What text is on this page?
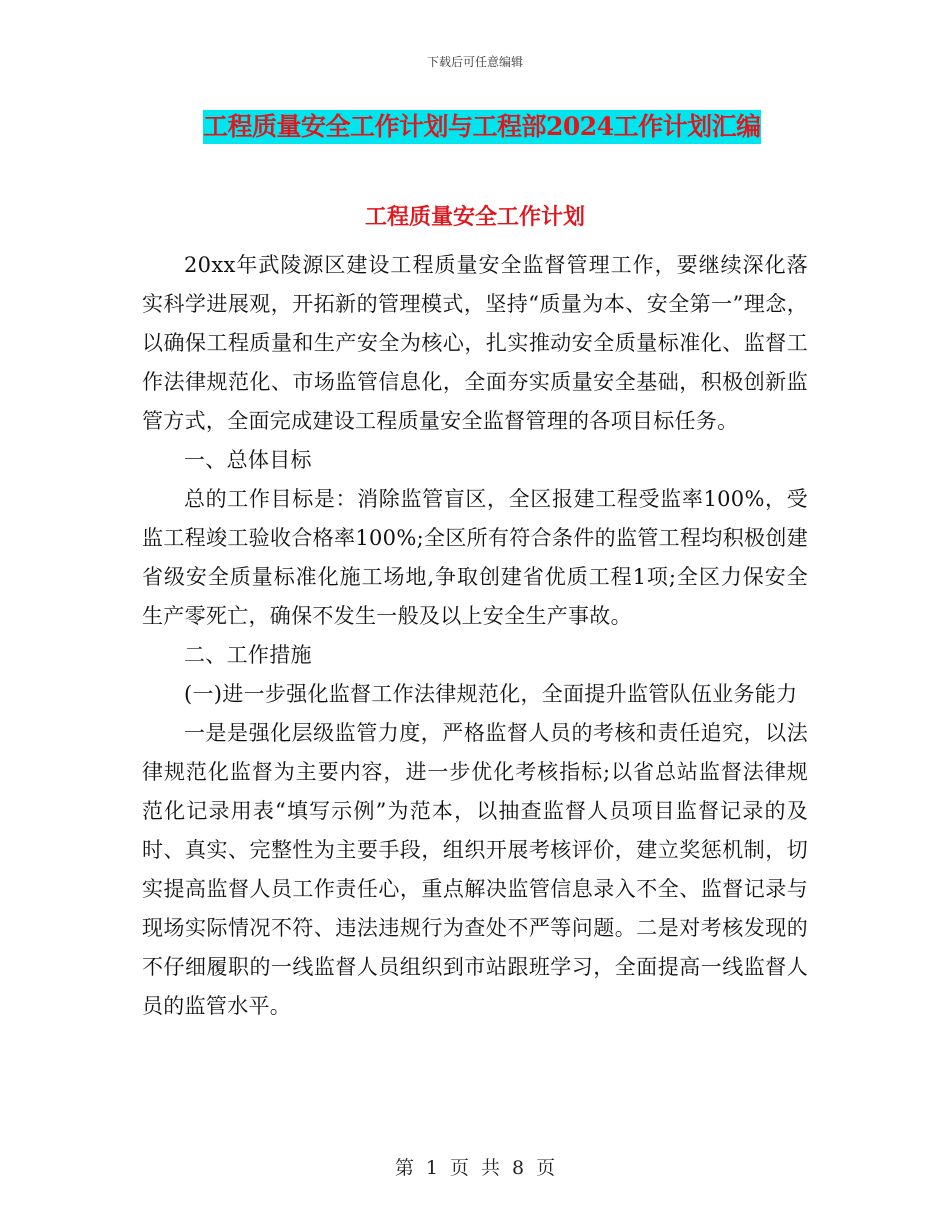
下载后可任意编辑
工程质量安全工作计划与工程部2024工作计划汇编
工程质量安全工作计划

20xx年武陵源区建设工程质量安全监督管理工作，要继续深化落实科学进展观，开拓新的管理模式，坚持“质量为本、安全第一”理念，以确保工程质量和生产安全为核心，扎实推动安全质量标准化、监督工作法律规范化、市场监管信息化，全面夯实质量安全基础，积极创新监管方式，全面完成建设工程质量安全监督管理的各项目标任务。

一、总体目标

总的工作目标是：消除监管盲区，全区报建工程受监率100%，受监工程竣工验收合格率100%;全区所有符合条件的监管工程均积极创建省级安全质量标准化施工场地,争取创建省优质工程1项;全区力保安全生产零死亡，确保不发生一般及以上安全生产事故。

二、工作措施

(一)进一步强化监督工作法律规范化，全面提升监管队伍业务能力

一是是强化层级监管力度，严格监督人员的考核和责任追究，以法律规范化监督为主要内容，进一步优化考核指标;以省总站监督法律规范化记录用表“填写示例”为范本，以抽查监督人员项目监督记录的及时、真实、完整性为主要手段，组织开展考核评价，建立奖惩机制，切实提高监督人员工作责任心，重点解决监管信息录入不全、监督记录与现场实际情况不符、违法违规行为查处不严等问题。二是对考核发现的不仔细履职的一线监督人员组织到市站跟班学习，全面提高一线监督人员的监管水平。

第 1 页 共 8 页
